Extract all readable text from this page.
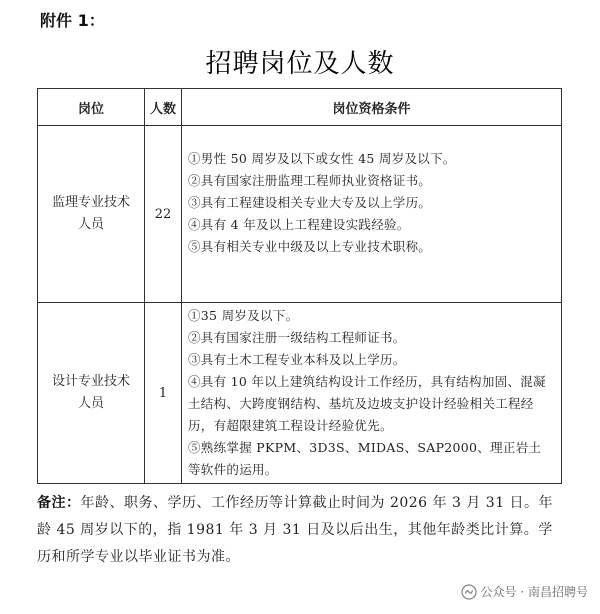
附件 1：
招聘岗位及人数
岗位	人数	岗位资格条件
监理专业技术人员	22	①男性 50 周岁及以下或女性 45 周岁及以下。
②具有国家注册监理工程师执业资格证书。
③具有工程建设相关专业大专及以上学历。
④具有 4 年及以上工程建设实践经验。
⑤具有相关专业中级及以上专业技术职称。

设计专业技术人员	1	①35 周岁及以下。
②具有国家注册一级结构工程师证书。
③具有土木工程专业本科及以上学历。
④具有 10 年以上建筑结构设计工作经历，具有结构加固、混凝土结构、大跨度钢结构、基坑及边坡支护设计经验相关工程经历，有超限建筑工程设计经验优先。
⑤熟练掌握 PKPM、3D3S、MIDAS、SAP2000、理正岩土等软件的运用。
备注：年龄、职务、学历、工作经历等计算截止时间为 2026 年 3 月 31 日。年龄 45 周岁以下的，指 1981 年 3 月 31 日及以后出生，其他年龄类比计算。学历和所学专业以毕业证书为准。
公众号 · 南昌招聘号
